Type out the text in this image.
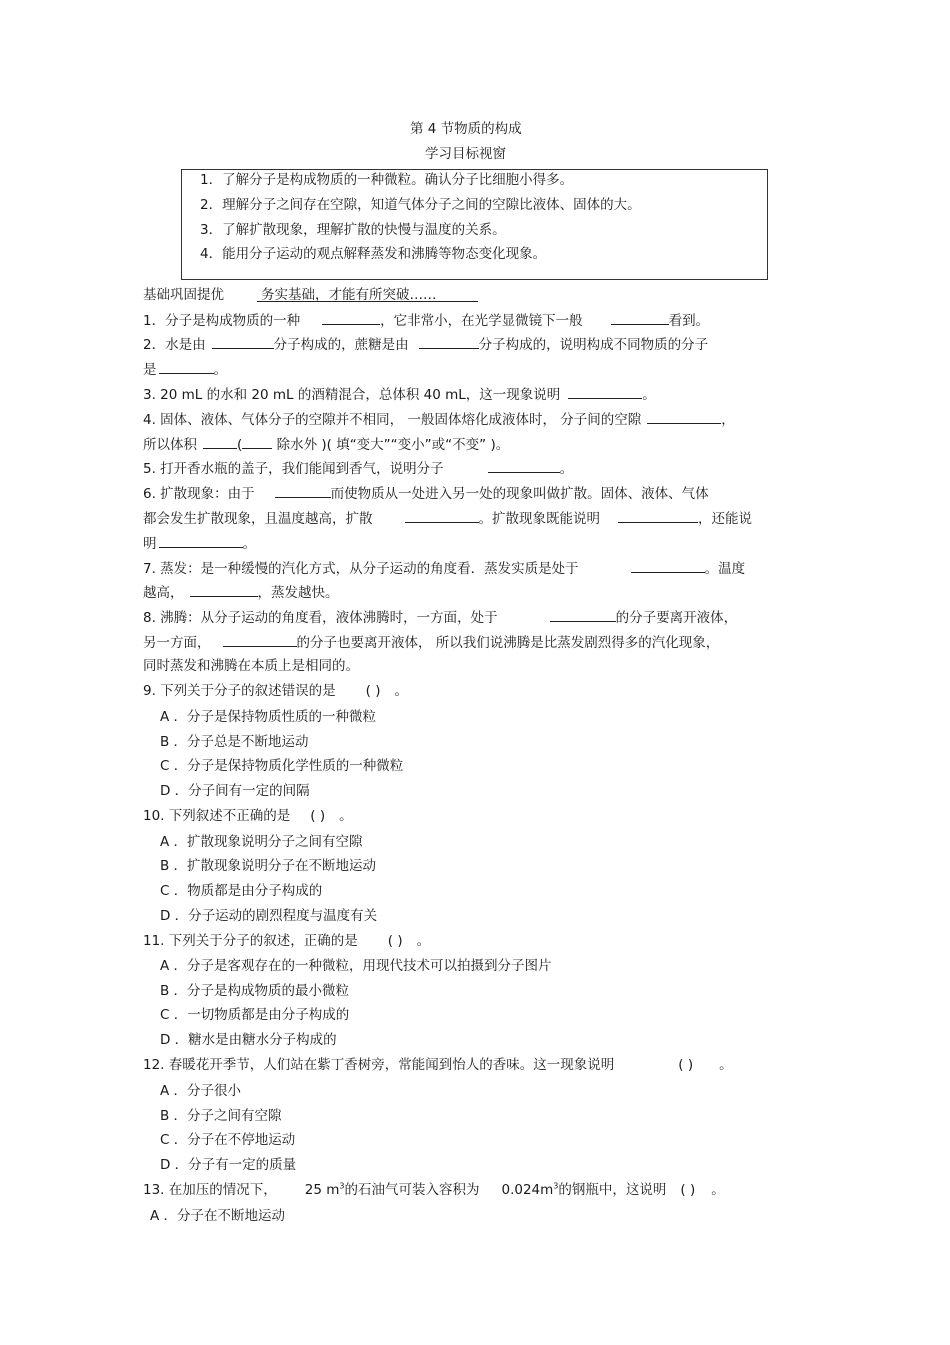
第 4 节物质的构成
学习目标视窗
1．了解分子是构成物质的一种微粒。确认分子比细胞小得多。
2．理解分子之间存在空隙，知道气体分子之间的空隙比液体、固体的大。
3．了解扩散现象，理解扩散的快慢与温度的关系。
4．能用分子运动的观点解释蒸发和沸腾等物态变化现象。
基础巩固提优	务实基础，才能有所突破……
1．分子是构成物质的一种	，它非常小，在光学显微镜下一般	看到。
2．水是由	分子构成的，蔗糖是由	分子构成的，说明构成不同物质的分子
是	。
3. 20 mL 的水和 20 mL 的酒精混合，总体积 40 mL，这一现象说明	。
4. 固体、液体、气体分子的空隙并不相同， 一般固体熔化成液体时， 分子间的空隙	，
所以体积	( 除水外 )( 填“变大”“变小”或“不变” )。
5. 打开香水瓶的盖子，我们能闻到香气，说明分子	。
6. 扩散现象：由于	而使物质从一处进入另一处的现象叫做扩散。固体、液体、气体
都会发生扩散现象，且温度越高，扩散	。扩散现象既能说明	，还能说
明	。
7. 蒸发：是一种缓慢的汽化方式，从分子运动的角度看．蒸发实质是处于	。温度
越高，	，蒸发越快。
8. 沸腾：从分子运动的角度看，液体沸腾时，一方面，处于	的分子要离开液体，
另一方面，	的分子也要离开液体， 所以我们说沸腾是比蒸发剧烈得多的汽化现象，
同时蒸发和沸腾在本质上是相同的。
9. 下列关于分子的叙述错误的是 ( ) 。
A ．分子是保持物质性质的一种微粒
B ．分子总是不断地运动
C ．分子是保持物质化学性质的一种微粒
D ．分子间有一定的间隔
10. 下列叙述不正确的是 ( ) 。
A ．扩散现象说明分子之间有空隙
B ．扩散现象说明分子在不断地运动
C ．物质都是由分子构成的
D ．分子运动的剧烈程度与温度有关
11. 下列关于分子的叙述，正确的是 ( ) 。
A ．分子是客观存在的一种微粒，用现代技术可以拍摄到分子图片
B ．分子是构成物质的最小微粒
C ．一切物质都是由分子构成的
D ．糖水是由糖水分子构成的
12. 春暖花开季节，人们站在紫丁香树旁，常能闻到怡人的香味。这一现象说明	( ) 。
A ．分子很小
B ．分子之间有空隙
C ．分子在不停地运动
D ．分子有一定的质量
13. 在加压的情况下， 25 $m^3$的石油气可装入容积为 $0.024m^3$的钢瓶中，这说明 ( ) 。
A ．分子在不断地运动
